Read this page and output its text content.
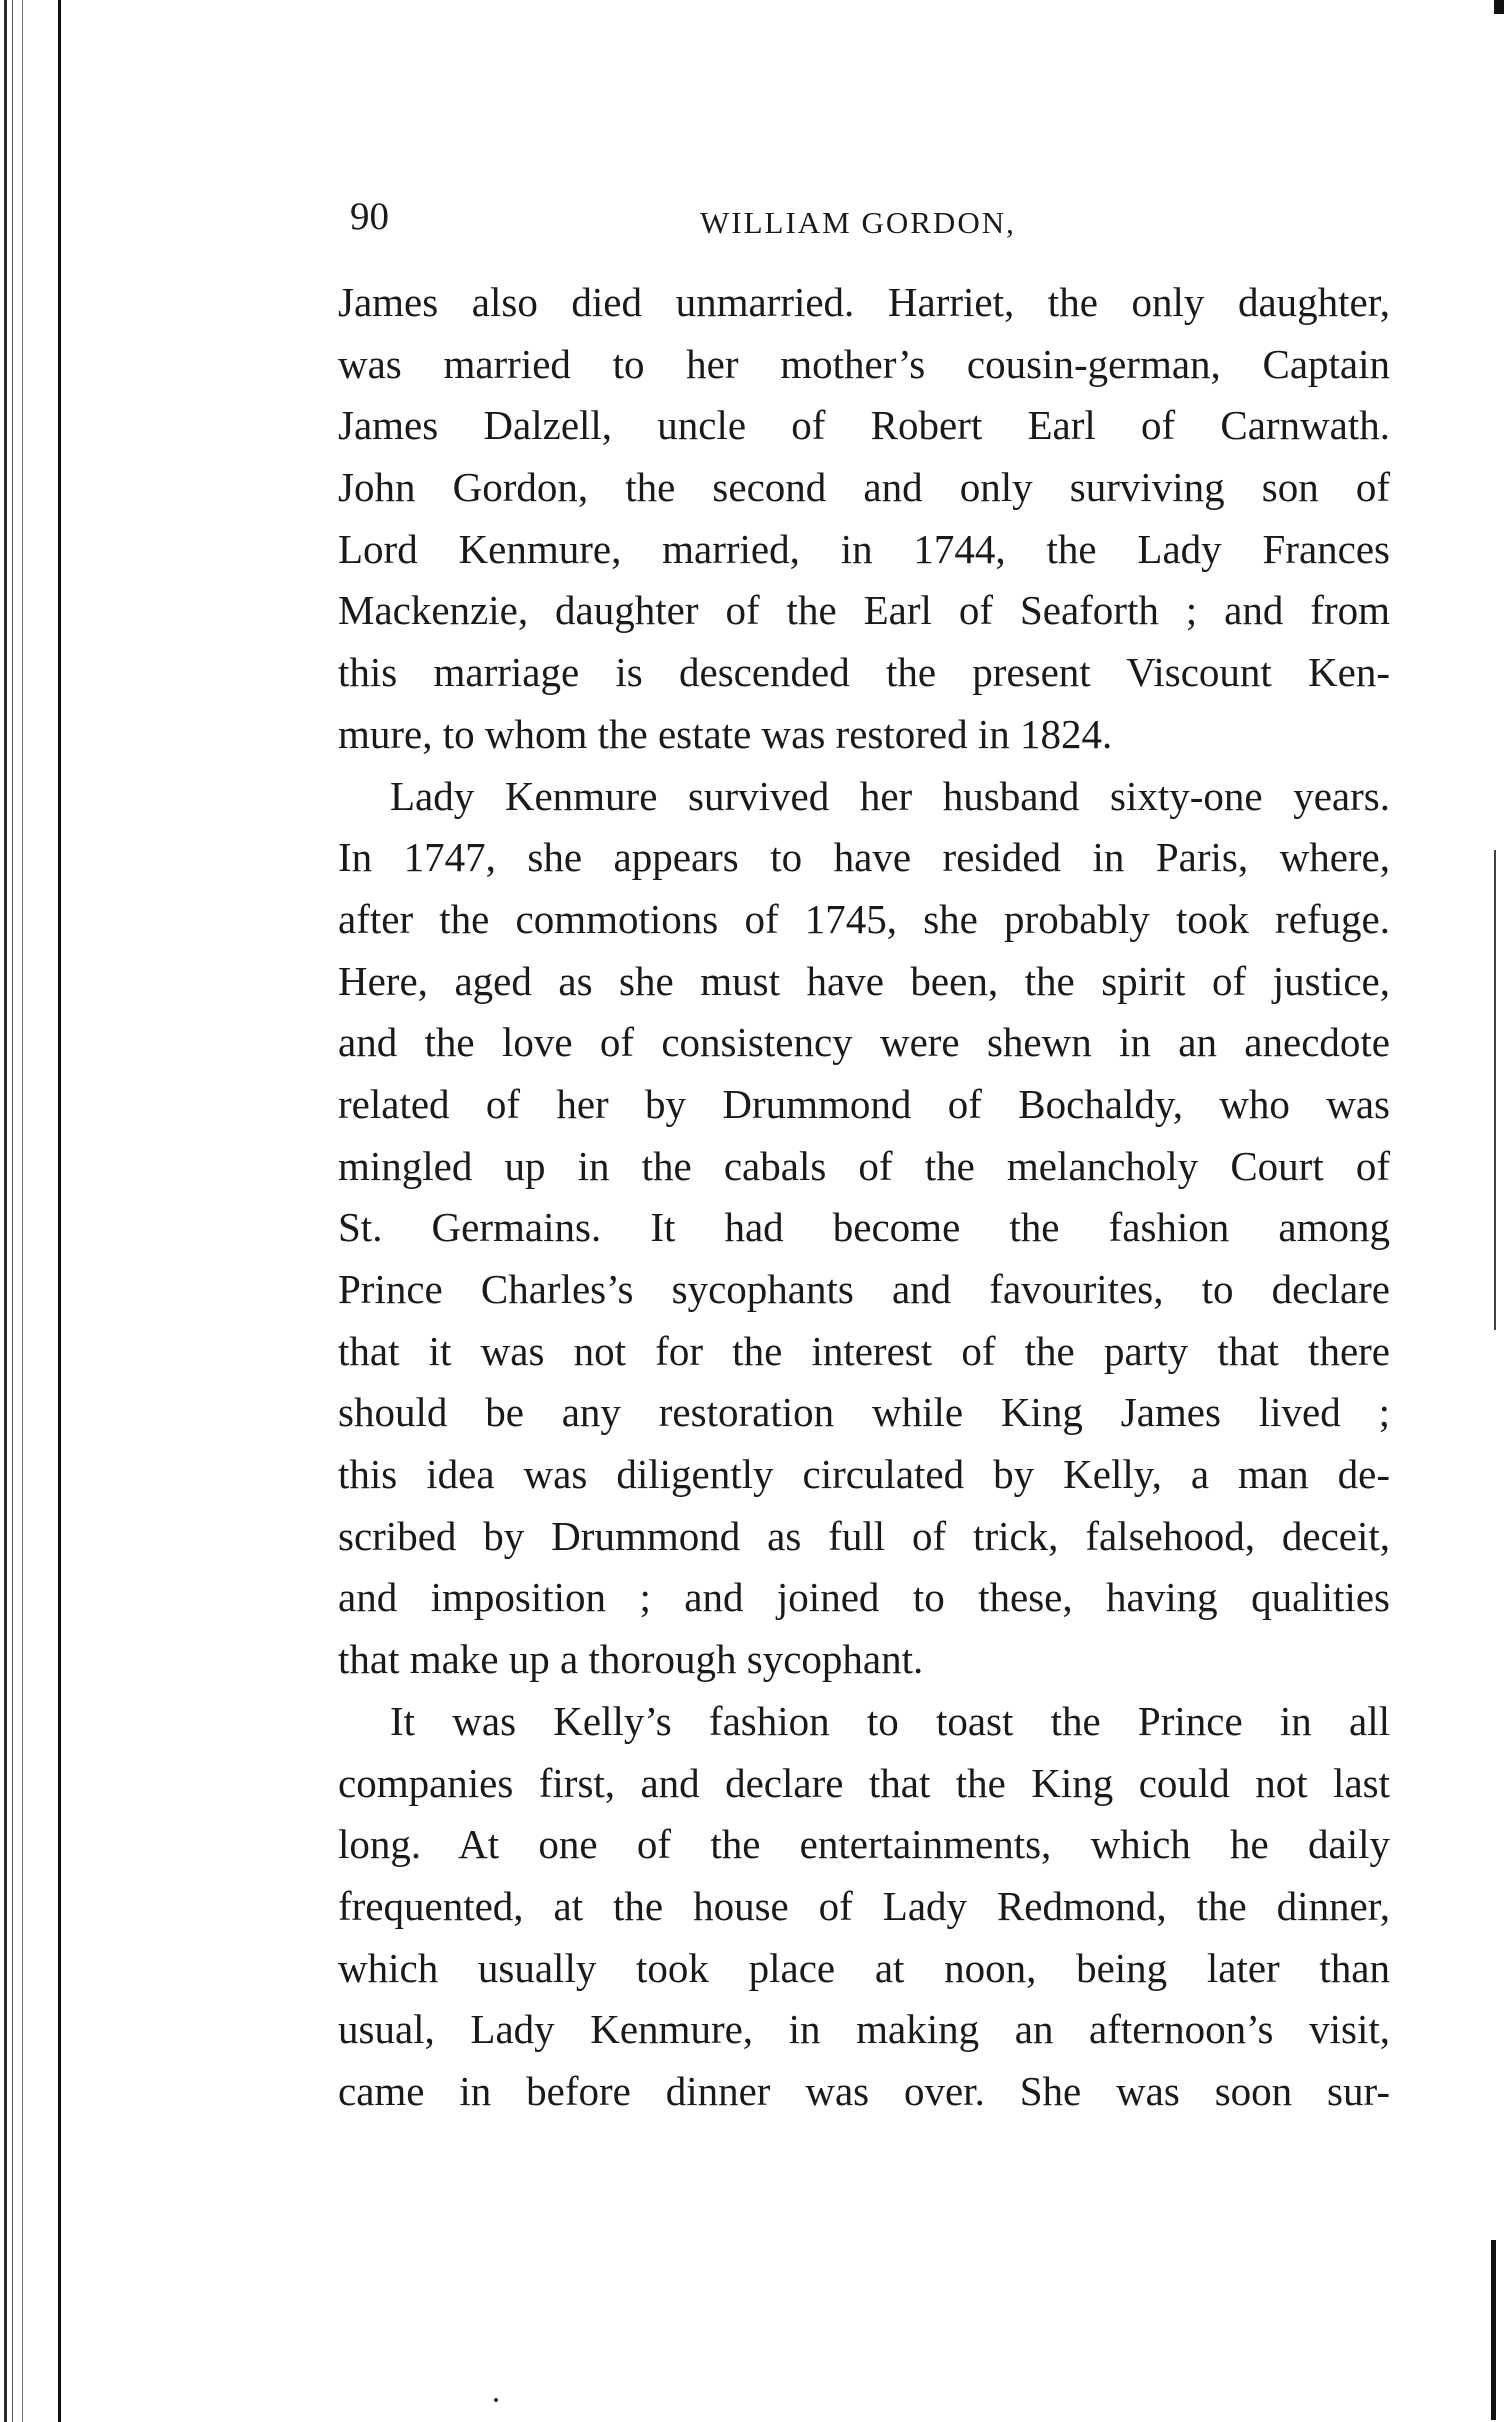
90	WILLIAM GORDON,
James also died unmarried. Harriet, the only daughter,
was married to her mother’s cousin-german, Captain
James Dalzell, uncle of Robert Earl of Carnwath.
John Gordon, the second and only surviving son of
Lord Kenmure, married, in 1744, the Lady Frances
Mackenzie, daughter of the Earl of Seaforth ; and from
this marriage is descended the present Viscount Ken-
mure, to whom the estate was restored in 1824.
Lady Kenmure survived her husband sixty-one years.
In 1747, she appears to have resided in Paris, where,
after the commotions of 1745, she probably took refuge.
Here, aged as she must have been, the spirit of justice,
and the love of consistency were shewn in an anecdote
related of her by Drummond of Bochaldy, who was
mingled up in the cabals of the melancholy Court of
St. Germains. It had become the fashion among
Prince Charles’s sycophants and favourites, to declare
that it was not for the interest of the party that there
should be any restoration while King James lived ;
this idea was diligently circulated by Kelly, a man de-
scribed by Drummond as full of trick, falsehood, deceit,
and imposition ; and joined to these, having qualities
that make up a thorough sycophant.
It was Kelly’s fashion to toast the Prince in all
companies first, and declare that the King could not last
long. At one of the entertainments, which he daily
frequented, at the house of Lady Redmond, the dinner,
which usually took place at noon, being later than
usual, Lady Kenmure, in making an afternoon’s visit,
came in before dinner was over. She was soon sur-
